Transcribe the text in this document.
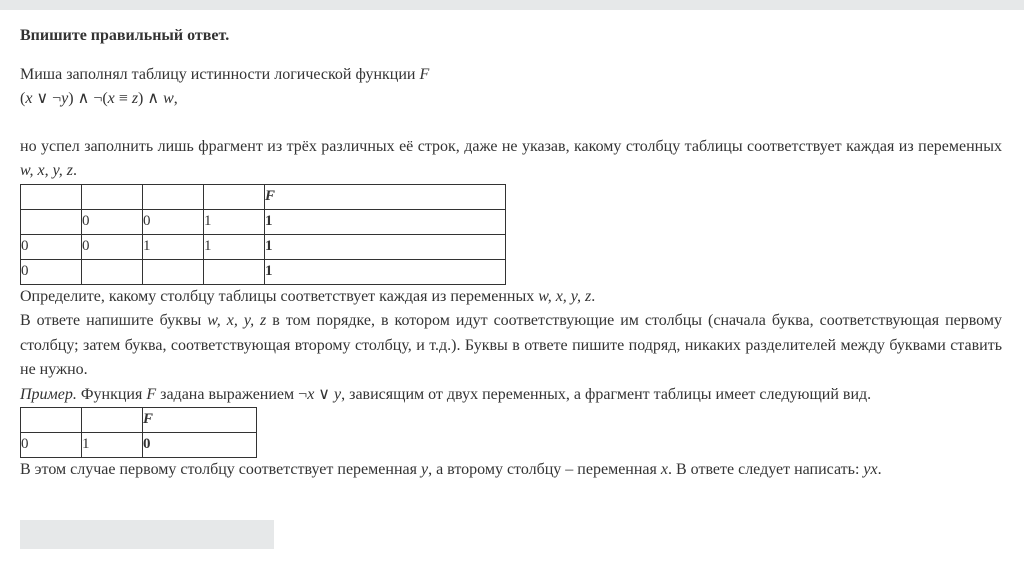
Впишите правильный ответ.

Миша заполнял таблицу истинности логической функции F

(x ∨ ¬y) ∧ ¬(x ≡ z) ∧ w,

но успел заполнить лишь фрагмент из трёх различных её строк, даже не указав, какому столбцу таблицы соответствует каждая из переменных w, x, y, z.

				F
	0	0	1	1
0	0	1	1	1
0				1

Определите, какому столбцу таблицы соответствует каждая из переменных w, x, y, z.

В ответе напишите буквы w, x, y, z в том порядке, в котором идут соответствующие им столбцы (сначала буква, соответствующая первому столбцу; затем буква, соответствующая второму столбцу, и т.д.). Буквы в ответе пишите подряд, никаких разделителей между буквами ставить не нужно.

Пример. Функция F задана выражением ¬x ∨ y, зависящим от двух переменных, а фрагмент таблицы имеет следующий вид.

		F
0	1	0

В этом случае первому столбцу соответствует переменная y, а второму столбцу – переменная x. В ответе следует написать: yx.
